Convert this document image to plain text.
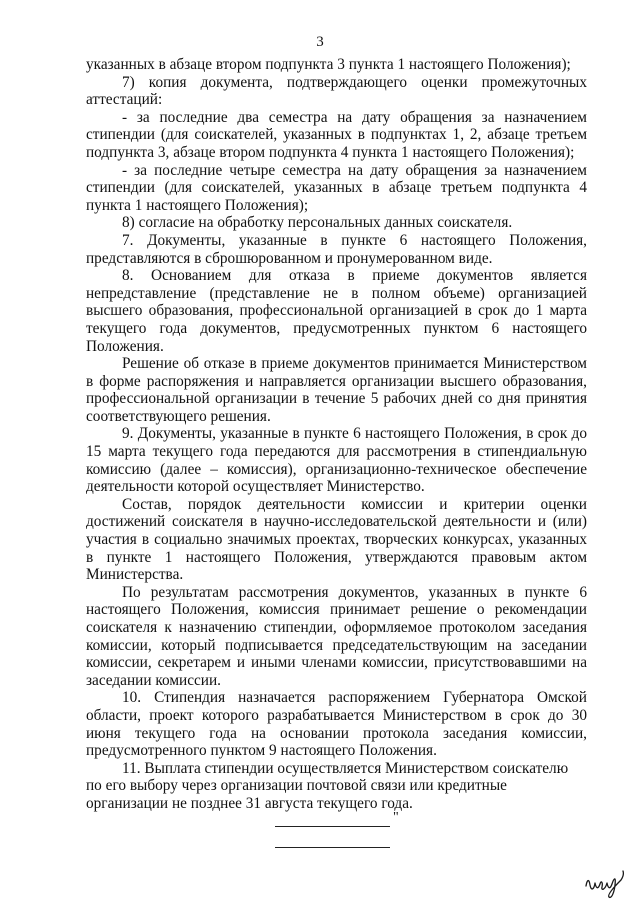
3

указанных в абзаце втором подпункта 3 пункта 1 настоящего Положения);

7) копия документа, подтверждающего оценки промежуточных аттестаций:

- за последние два семестра на дату обращения за назначением стипендии (для соискателей, указанных в подпунктах 1, 2, абзаце третьем подпункта 3, абзаце втором подпункта 4 пункта 1 настоящего Положения);

- за последние четыре семестра на дату обращения за назначением стипендии (для соискателей, указанных в абзаце третьем подпункта 4 пункта 1 настоящего Положения);

8) согласие на обработку персональных данных соискателя.

7. Документы, указанные в пункте 6 настоящего Положения, представляются в сброшюрованном и пронумерованном виде.

8. Основанием для отказа в приеме документов является непредставление (представление не в полном объеме) организацией высшего образования, профессиональной организацией в срок до 1 марта текущего года документов, предусмотренных пунктом 6 настоящего Положения.

Решение об отказе в приеме документов принимается Министерством в форме распоряжения и направляется организации высшего образования, профессиональной организации в течение 5 рабочих дней со дня принятия соответствующего решения.

9. Документы, указанные в пункте 6 настоящего Положения, в срок до 15 марта текущего года передаются для рассмотрения в стипендиальную комиссию (далее – комиссия), организационно-техническое обеспечение деятельности которой осуществляет Министерство.

Состав, порядок деятельности комиссии и критерии оценки достижений соискателя в научно-исследовательской деятельности и (или) участия в социально значимых проектах, творческих конкурсах, указанных в пункте 1 настоящего Положения, утверждаются правовым актом Министерства.

По результатам рассмотрения документов, указанных в пункте 6 настоящего Положения, комиссия принимает решение о рекомендации соискателя к назначению стипендии, оформляемое протоколом заседания комиссии, который подписывается председательствующим на заседании комиссии, секретарем и иными членами комиссии, присутствовавшими на заседании комиссии.

10. Стипендия назначается распоряжением Губернатора Омской области, проект которого разрабатывается Министерством в срок до 30 июня текущего года на основании протокола заседания комиссии, предусмотренного пунктом 9 настоящего Положения.

11. Выплата стипендии осуществляется Министерством соискателю по его выбору через организации почтовой связи или кредитные организации не позднее 31 августа текущего года.

"
